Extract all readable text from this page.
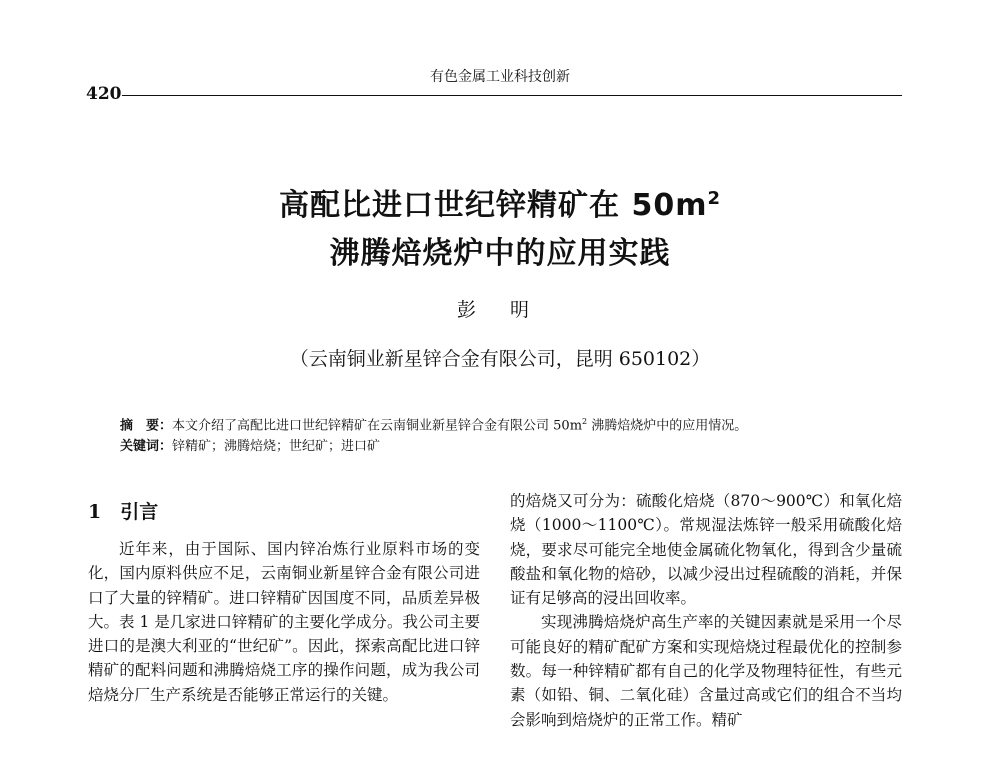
420
有色金属工业科技创新
高配比进口世纪锌精矿在 $50m^2$
沸腾焙烧炉中的应用实践
彭 明
（云南铜业新星锌合金有限公司，昆明 650102）
摘　要：本文介绍了高配比进口世纪锌精矿在云南铜业新星锌合金有限公司 $50m^2$ 沸腾焙烧炉中的应用情况。
关键词：锌精矿；沸腾焙烧；世纪矿；进口矿
1　引言

近年来，由于国际、国内锌冶炼行业原料市场的变化，国内原料供应不足，云南铜业新星锌合金有限公司进口了大量的锌精矿。进口锌精矿因国度不同，品质差异极大。表 1 是几家进口锌精矿的主要化学成分。我公司主要进口的是澳大利亚的“世纪矿”。因此，探索高配比进口锌精矿的配料问题和沸腾焙烧工序的操作问题，成为我公司焙烧分厂生产系统是否能够正常运行的关键。

的焙烧又可分为：硫酸化焙烧（870～900℃）和氧化焙烧（1000～1100℃）。常规湿法炼锌一般采用硫酸化焙烧，要求尽可能完全地使金属硫化物氧化，得到含少量硫酸盐和氧化物的焙砂，以减少浸出过程硫酸的消耗，并保证有足够高的浸出回收率。

实现沸腾焙烧炉高生产率的关键因素就是采用一个尽可能良好的精矿配矿方案和实现焙烧过程最优化的控制参数。每一种锌精矿都有自己的化学及物理特征性，有些元素（如铅、铜、二氧化硅）含量过高或它们的组合不当均会影响到焙烧炉的正常工作。精矿
